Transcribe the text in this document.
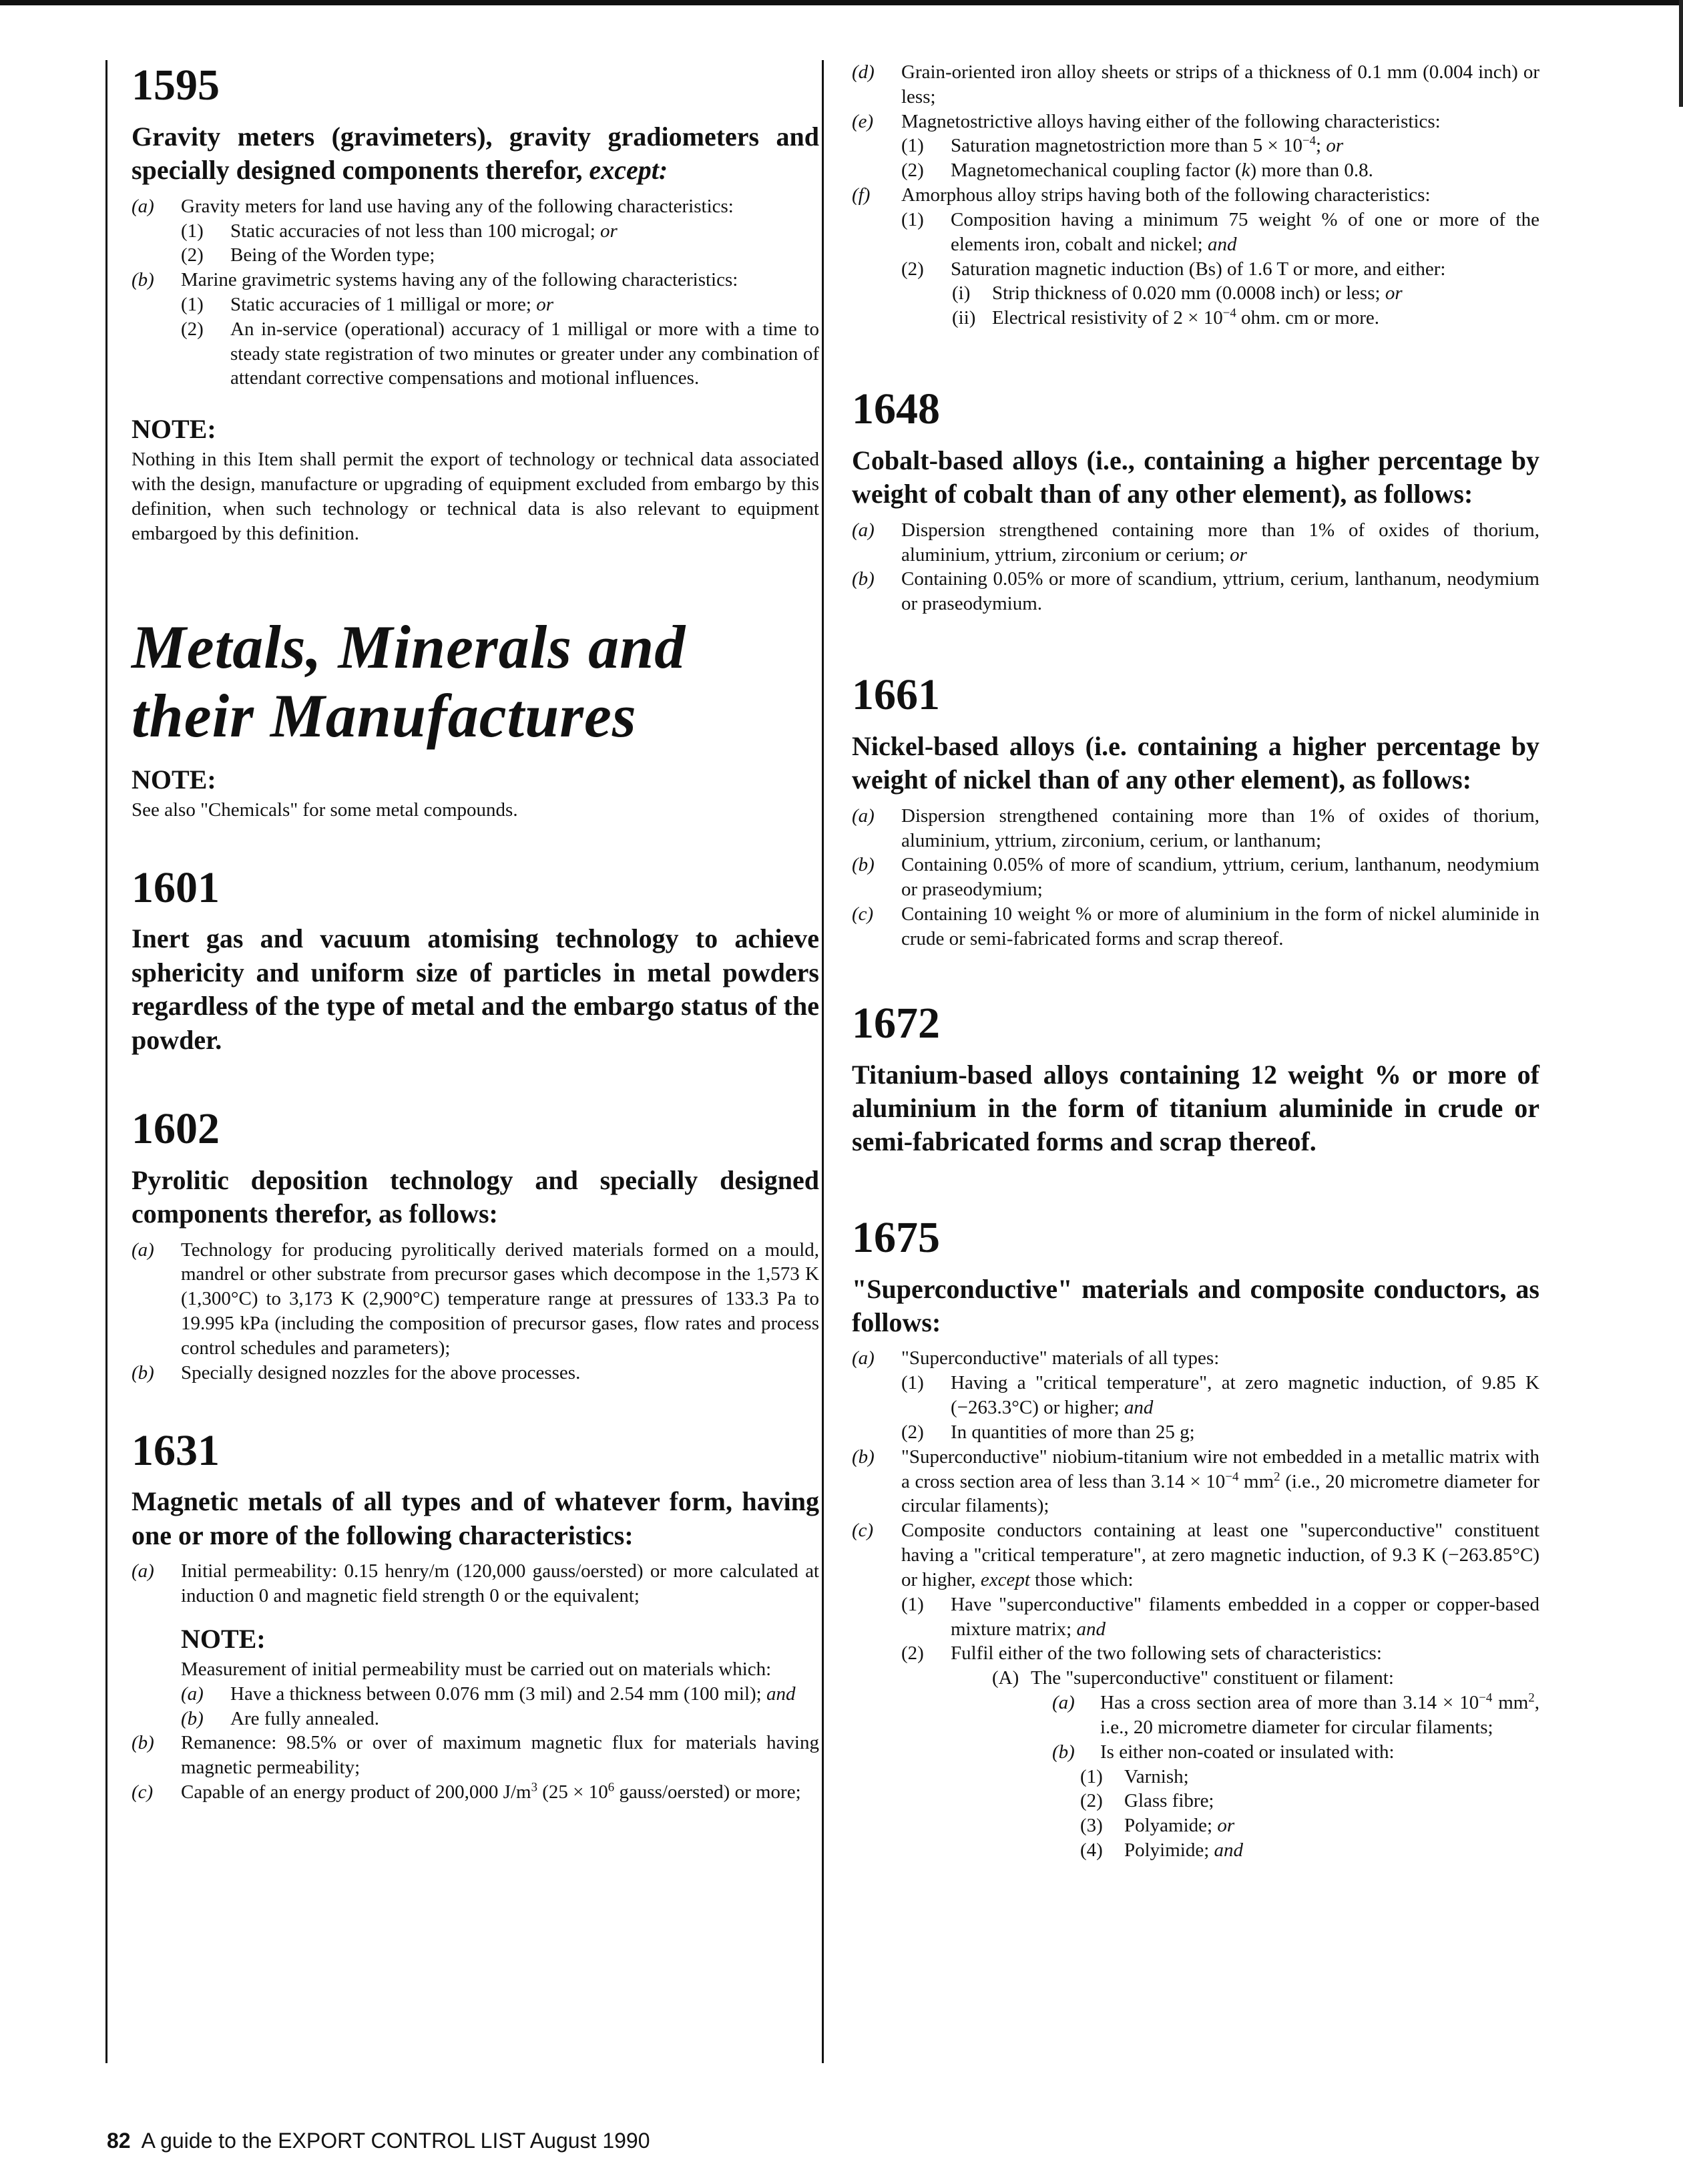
1595
Gravity meters (gravimeters), gravity gradiometers and specially designed components therefor, except:
(a) Gravity meters for land use having any of the following characteristics:
(1) Static accuracies of not less than 100 microgal; or
(2) Being of the Worden type;
(b) Marine gravimetric systems having any of the following characteristics:
(1) Static accuracies of 1 milligal or more; or
(2) An in-service (operational) accuracy of 1 milligal or more with a time to steady state registration of two minutes or greater under any combination of attendant corrective compensations and motional influences.
NOTE:

Nothing in this Item shall permit the export of technology or technical data associated with the design, manufacture or upgrading of equipment excluded from embargo by this definition, when such technology or technical data is also relevant to equipment embargoed by this definition.

Metals, Minerals and
their Manufactures
NOTE:

See also "Chemicals" for some metal compounds.

1601
Inert gas and vacuum atomising technology to achieve sphericity and uniform size of particles in metal powders regardless of the type of metal and the embargo status of the powder.
1602
Pyrolitic deposition technology and specially designed components therefor, as follows:
(a) Technology for producing pyrolitically derived materials formed on a mould, mandrel or other substrate from precursor gases which decompose in the 1,573 K (1,300°C) to 3,173 K (2,900°C) temperature range at pressures of 133.3 Pa to 19.995 kPa (including the composition of precursor gases, flow rates and process control schedules and parameters);
(b) Specially designed nozzles for the above processes.
1631
Magnetic metals of all types and of whatever form, having one or more of the following characteristics:
(a) Initial permeability: 0.15 henry/m (120,000 gauss/oersted) or more calculated at induction 0 and magnetic field strength 0 or the equivalent;
NOTE:

Measurement of initial permeability must be carried out on materials which:

(a) Have a thickness between 0.076 mm (3 mil) and 2.54 mm (100 mil); and
(b) Are fully annealed.
(b) Remanence: 98.5% or over of maximum magnetic flux for materials having magnetic permeability;
(c) Capable of an energy product of 200,000 $J/m^3$ ($25 \times 10^6$ gauss/oersted) or more;
(d) Grain-oriented iron alloy sheets or strips of a thickness of 0.1 mm (0.004 inch) or less;
(e) Magnetostrictive alloys having either of the following characteristics:
(1) Saturation magnetostriction more than $5 \times 10^{-4}$; or
(2) Magnetomechanical coupling factor (k) more than 0.8.
(f) Amorphous alloy strips having both of the following characteristics:
(1) Composition having a minimum 75 weight % of one or more of the elements iron, cobalt and nickel; and
(2) Saturation magnetic induction (Bs) of 1.6 T or more, and either:
(i) Strip thickness of 0.020 mm (0.0008 inch) or less; or
(ii) Electrical resistivity of $2 \times 10^{-4}$ ohm. cm or more.
1648
Cobalt-based alloys (i.e., containing a higher percentage by weight of cobalt than of any other element), as follows:
(a) Dispersion strengthened containing more than 1% of oxides of thorium, aluminium, yttrium, zirconium or cerium; or
(b) Containing 0.05% or more of scandium, yttrium, cerium, lanthanum, neodymium or praseodymium.
1661
Nickel-based alloys (i.e. containing a higher percentage by weight of nickel than of any other element), as follows:
(a) Dispersion strengthened containing more than 1% of oxides of thorium, aluminium, yttrium, zirconium, cerium, or lanthanum;
(b) Containing 0.05% of more of scandium, yttrium, cerium, lanthanum, neodymium or praseodymium;
(c) Containing 10 weight % or more of aluminium in the form of nickel aluminide in crude or semi-fabricated forms and scrap thereof.
1672
Titanium-based alloys containing 12 weight % or more of aluminium in the form of titanium aluminide in crude or semi-fabricated forms and scrap thereof.
1675
"Superconductive" materials and composite conductors, as follows:
(a) "Superconductive" materials of all types:
(1) Having a "critical temperature", at zero magnetic induction, of 9.85 K (−263.3°C) or higher; and
(2) In quantities of more than 25 g;
(b) "Superconductive" niobium-titanium wire not embedded in a metallic matrix with a cross section area of less than $3.14 \times 10^{-4}$ $mm^2$ (i.e., 20 micrometre diameter for circular filaments);
(c) Composite conductors containing at least one "superconductive" constituent having a "critical temperature", at zero magnetic induction, of 9.3 K (−263.85°C) or higher, except those which:
(1) Have "superconductive" filaments embedded in a copper or copper-based mixture matrix; and
(2) Fulfil either of the two following sets of characteristics:
(A) The "superconductive" constituent or filament:
(a) Has a cross section area of more than $3.14 \times 10^{-4}$ $mm^2$, i.e., 20 micrometre diameter for circular filaments;
(b) Is either non-coated or insulated with:
(1) Varnish;
(2) Glass fibre;
(3) Polyamide; or
(4) Polyimide; and
82 A guide to the EXPORT CONTROL LIST August 1990
